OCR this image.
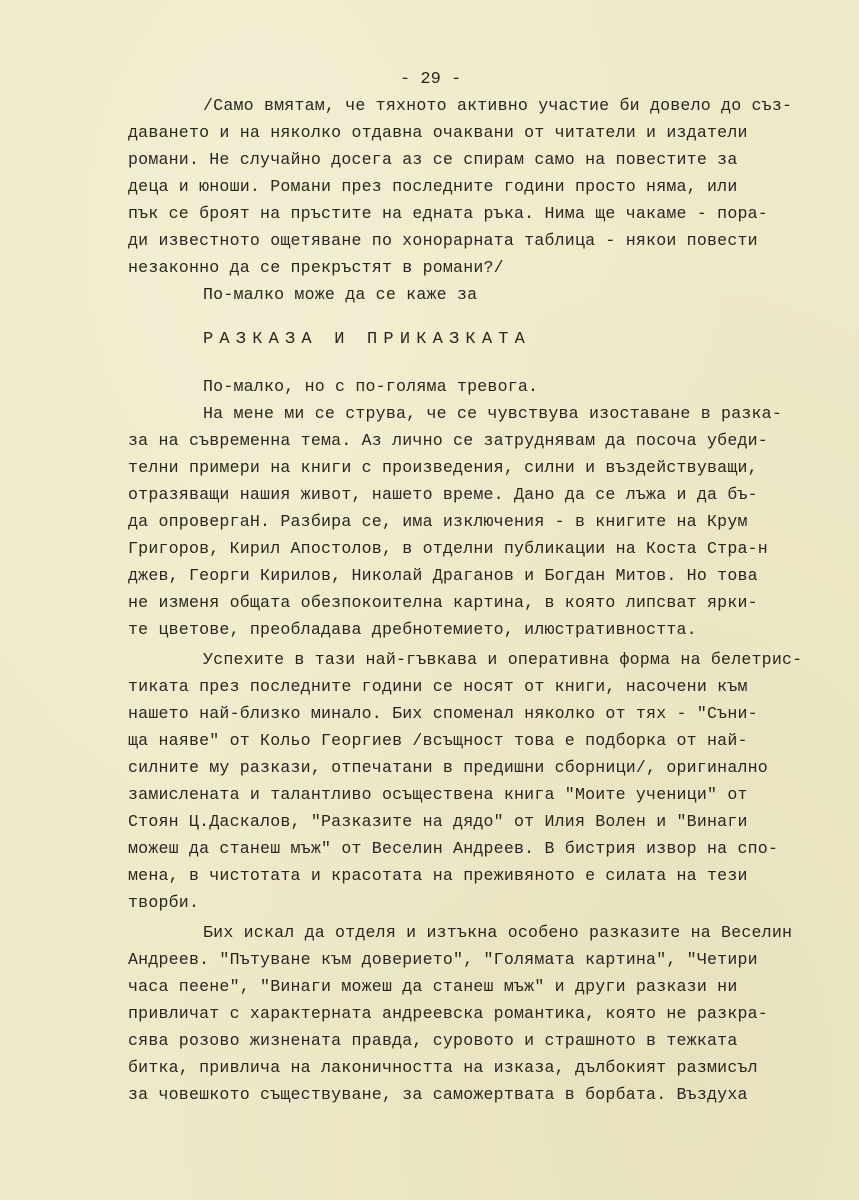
- 29 -
/Само вмятам, че тяхното активно участие би довело до съз-
даването и на няколко отдавна очаквани от читатели и издатели
романи. Не случайно досега аз се спирам само на повестите за
деца и юноши. Романи през последните години просто няма, или
пък се броят на пръстите на едната ръка. Нима ще чакаме - пора-
ди известното ощетяване по хонорарната таблица - някои повести
незаконно да се прекръстят в романи?/
По-малко може да се каже за
РАЗКАЗА И ПРИКАЗКАТА
По-малко, но с по-голяма тревога.
На мене ми се струва, че се чувствува изоставане в разка-
за на съвременна тема. Аз лично се затруднявам да посоча убеди-
телни примери на книги с произведения, силни и въздействуващи,
отразяващи нашия живот, нашето време. Дано да се лъжа и да бъ-
да опровергаН. Разбира се, има изключения - в книгите на Крум
Григоров, Кирил Апостолов, в отделни публикации на Коста Стра-н
джев, Георги Кирилов, Николай Драганов и Богдан Митов. Но това
не изменя общата обезпокоителна картина, в която липсват ярки-
те цветове, преобладава дребнотемието, илюстративността.
Успехите в тази най-гъвкава и оперативна форма на белетрис-
тиката през последните години се носят от книги, насочени към
нашето най-близко минало. Бих споменал няколко от тях - "Съни-
ща наяве" от Кольо Георгиев /всъщност това е подборка от най-
силните му разкази, отпечатани в предишни сборници/, оригинално
замислената и талантливо осъществена книга "Моите ученици" от
Стоян Ц.Даскалов, "Разказите на дядо" от Илия Волен и "Винаги
можеш да станеш мъж" от Веселин Андреев. В бистрия извор на спо-
мена, в чистотата и красотата на преживяното е силата на тези
творби.
Бих искал да отделя и изтъкна особено разказите на Веселин
Андреев. "Пътуване към доверието", "Голямата картина", "Четири
часа пеене", "Винаги можеш да станеш мъж" и други разкази ни
привличат с характерната андреевска романтика, която не разкра-
сява розово жизнената правда, суровото и страшното в тежката
битка, привлича на лаконичността на изказа, дълбокият размисъл
за човешкото съществуване, за саможертвата в борбата. Въздуха
